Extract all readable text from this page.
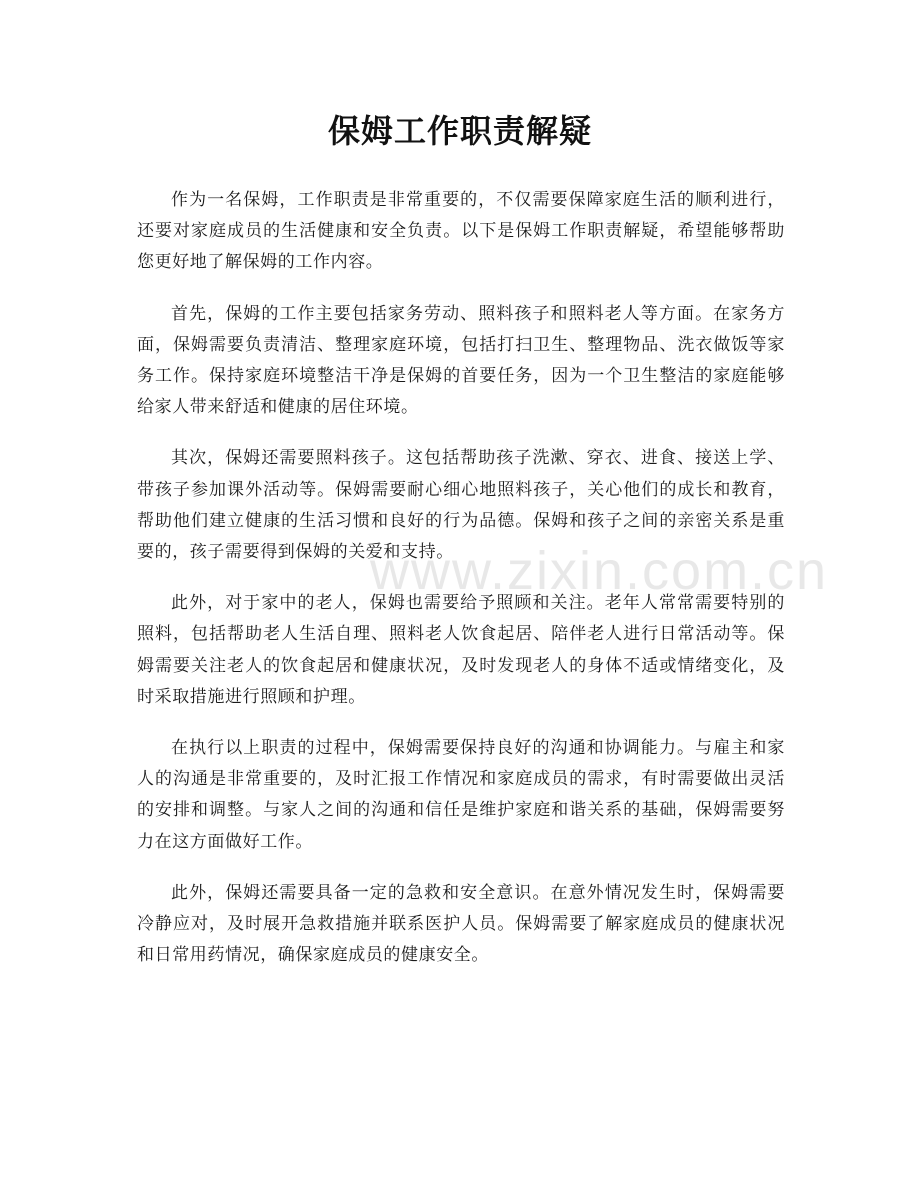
保姆工作职责解疑

作为一名保姆，工作职责是非常重要的，不仅需要保障家庭生活的顺利进行，还要对家庭成员的生活健康和安全负责。以下是保姆工作职责解疑，希望能够帮助您更好地了解保姆的工作内容。

首先，保姆的工作主要包括家务劳动、照料孩子和照料老人等方面。在家务方面，保姆需要负责清洁、整理家庭环境，包括打扫卫生、整理物品、洗衣做饭等家务工作。保持家庭环境整洁干净是保姆的首要任务，因为一个卫生整洁的家庭能够给家人带来舒适和健康的居住环境。

其次，保姆还需要照料孩子。这包括帮助孩子洗漱、穿衣、进食、接送上学、带孩子参加课外活动等。保姆需要耐心细心地照料孩子，关心他们的成长和教育，帮助他们建立健康的生活习惯和良好的行为品德。保姆和孩子之间的亲密关系是重要的，孩子需要得到保姆的关爱和支持。

此外，对于家中的老人，保姆也需要给予照顾和关注。老年人常常需要特别的照料，包括帮助老人生活自理、照料老人饮食起居、陪伴老人进行日常活动等。保姆需要关注老人的饮食起居和健康状况，及时发现老人的身体不适或情绪变化，及时采取措施进行照顾和护理。

在执行以上职责的过程中，保姆需要保持良好的沟通和协调能力。与雇主和家人的沟通是非常重要的，及时汇报工作情况和家庭成员的需求，有时需要做出灵活的安排和调整。与家人之间的沟通和信任是维护家庭和谐关系的基础，保姆需要努力在这方面做好工作。

此外，保姆还需要具备一定的急救和安全意识。在意外情况发生时，保姆需要冷静应对，及时展开急救措施并联系医护人员。保姆需要了解家庭成员的健康状况和日常用药情况，确保家庭成员的健康安全。

www.zixin.com.cn
